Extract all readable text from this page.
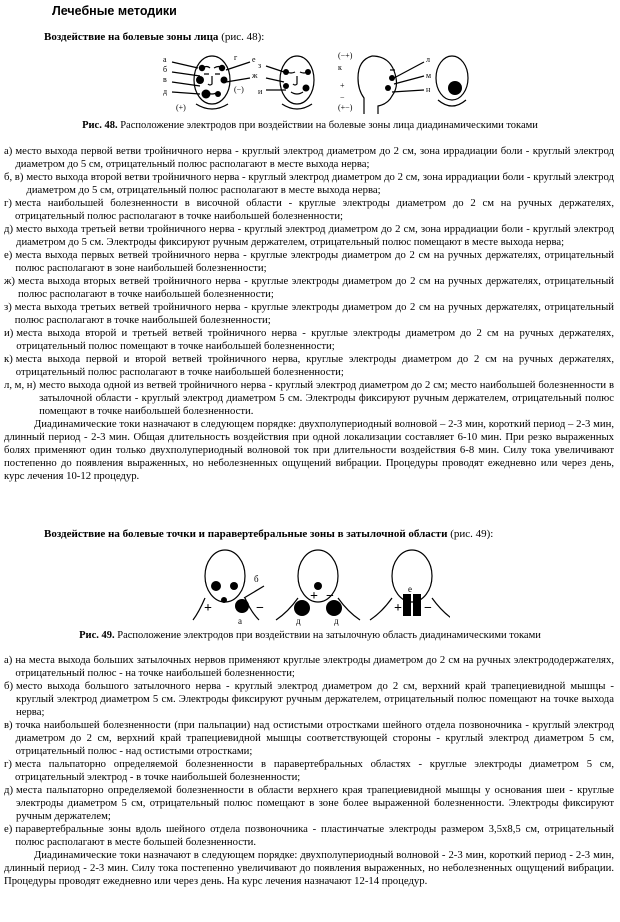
Лечебные методики
Воздействие на болевые зоны лица (рис. 48):
а
б
в
г
д
е
ж
з
и
к
л
м
н
(+)
(−)	+
−
(−+)
(+−)
Рис. 48. Расположение электродов при воздействии на болевые зоны лица диадинамическими токами
а) место выхода первой ветви тройничного нерва - круглый электрод диаметром до 2 см, зона иррадиации боли - круглый электрод диаметром до 5 см, отрицательный полюс располагают в месте выхода нерва;
б, в) место выхода второй ветви тройничного нерва - круглый электрод диаметром до 2 см, зона иррадиации боли - круглый электрод диаметром до 5 см, отрицательный полюс располагают в месте выхода нерва;
г) места наибольшей болезненности в височной области - круглые электроды диаметром до 2 см на ручных держателях, отрицательный полюс располагают в точке наибольшей болезненности;
д) место выхода третьей ветви тройничного нерва - круглый электрод диаметром до 2 см, зона иррадиации боли - круглый электрод диаметром до 5 см. Электроды фиксируют ручным держателем, отрицательный полюс помещают в месте выхода нерва;
е) места выхода первых ветвей тройничного нерва - круглые электроды диаметром до 2 см на ручных держателях, отрицательный полюс располагают в зоне наибольшей болезненности;
ж) места выхода вторых ветвей тройничного нерва - круглые электроды диаметром до 2 см на ручных держателях, отрицательный полюс располагают в точке наибольшей болезненности;
з) места выхода третьих ветвей тройничного нерва - круглые электроды диаметром до 2 см на ручных держателях, отрицательный полюс располагают в точке наибольшей болезненности;
и) места выхода второй и третьей ветвей тройничного нерва - круглые электроды диаметром до 2 см на ручных держателях, отрицательный полюс помещают в точке наибольшей болезненности;
к) места выхода первой и второй ветвей тройничного нерва, круглые электроды диаметром до 2 см на ручных держателях, отрицательный полюс располагают в точке наибольшей болезненности;
л, м, н) место выхода одной из ветвей тройничного нерва - круглый электрод диаметром до 2 см; место наибольшей болезненности в затылочной области - круглый электрод диаметром 5 см. Электроды фиксируют ручным держателем, отрицательный полюс помещают в точке наибольшей болезненности.
Диадинамические токи назначают в следующем порядке: двухполупериодный волновой – 2-3 мин, короткий период – 2-3 мин, длинный период - 2-3 мин. Общая длительность воздействия при одной локализации составляет 6-10 мин. При резко выраженных болях применяют один только двухполупериодный волновой ток при длительности воздействия 6-8 мин. Силу тока увеличивают постепенно до появления выраженных, но неболезненных ощущений вибрации. Процедуры проводят ежедневно или через день, курс лечения 10-12 процедур.
Воздействие на болевые точки и паравертебральные зоны в затылочной области (рис. 49):
б
а	д	д
е
+	−
+ −
+ −
Рис. 49. Расположение электродов при воздействии на затылочную область диадинамическими токами
а) на места выхода больших затылочных нервов применяют круглые электроды диаметром до 2 см на ручных электрододержателях, отрицательный полюс - на точке наибольшей болезненности;
б) место выхода большого затылочного нерва - круглый электрод диаметром до 2 см, верхний край трапециевидной мышцы - круглый электрод диаметром 5 см. Электроды фиксируют ручным держателем, отрицательный полюс помещают на точке выхода нерва;
в) точка наибольшей болезненности (при пальпации) над остистыми отростками шейного отдела позвоночника - круглый электрод диаметром до 2 см, верхний край трапециевидной мышцы соответствующей стороны - круглый электрод диаметром 5 см, отрицательный полюс - над остистыми отростками;
г) места пальпаторно определяемой болезненности в паравертебральных областях - круглые электроды диаметром 5 см, отрицательный электрод - в точке наибольшей болезненности;
д) места пальпаторно определяемой болезненности в области верхнего края трапециевидной мышцы у основания шеи - круглые электроды диаметром 5 см, отрицательный полюс помещают в зоне более выраженной болезненности. Электроды фиксируют ручным держателем;
е) паравертебральные зоны вдоль шейного отдела позвоночника - пластинчатые электроды размером 3,5х8,5 см, отрицательный полюс располагают в месте большей болезненности.
Диадинамические токи назначают в следующем порядке: двухполупериодный волновой - 2-3 мин, короткий период - 2-3 мин, длинный период - 2-3 мин. Силу тока постепенно увеличивают до появления выраженных, но неболезненных ощущений вибрации. Процедуры проводят ежедневно или через день. На курс лечения назначают 12-14 процедур.
